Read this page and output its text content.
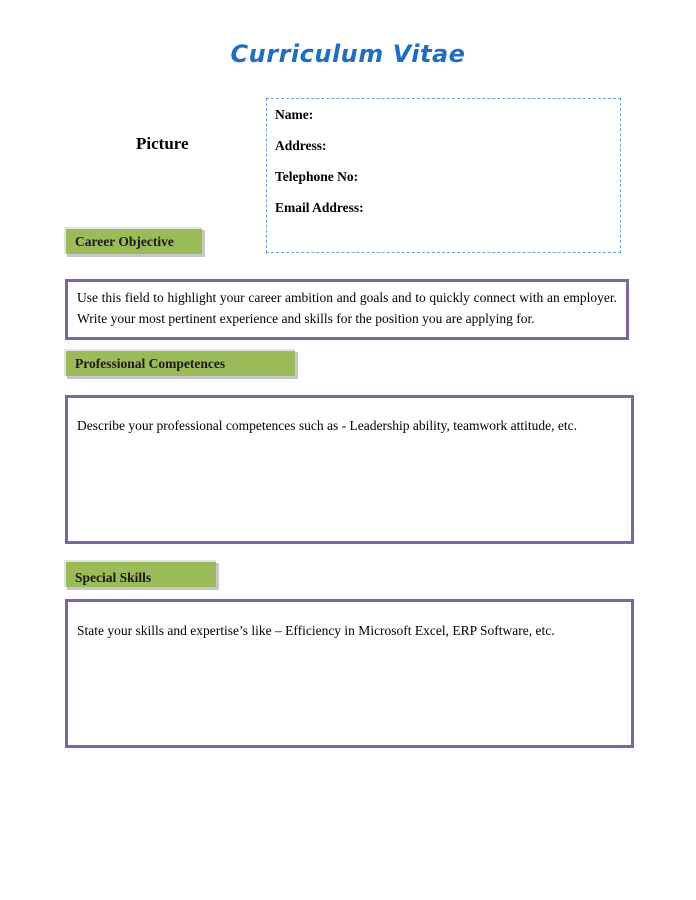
Curriculum Vitae
Picture
Name:
Address:
Telephone No:
Email Address:
Career Objective
Use this field to highlight your career ambition and goals and to quickly connect with an employer. Write your most pertinent experience and skills for the position you are applying for.
Professional Competences
Describe your professional competences such as - Leadership ability, teamwork attitude, etc.
Special Skills
State your skills and expertise’s like – Efficiency in Microsoft Excel, ERP Software, etc.
